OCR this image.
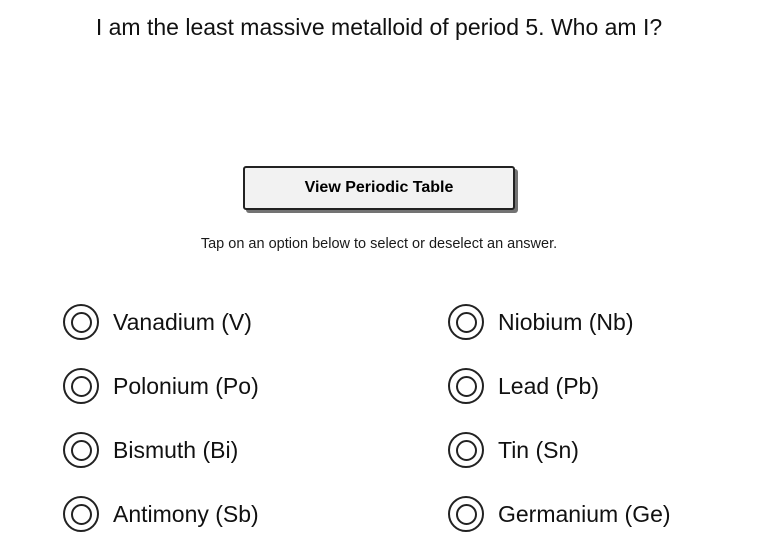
I am the least massive metalloid of period 5. Who am I?
View Periodic Table
Tap on an option below to select or deselect an answer.
Vanadium (V)	Niobium (Nb)
Polonium (Po)	Lead (Pb)
Bismuth (Bi)	Tin (Sn)
Antimony (Sb)	Germanium (Ge)
